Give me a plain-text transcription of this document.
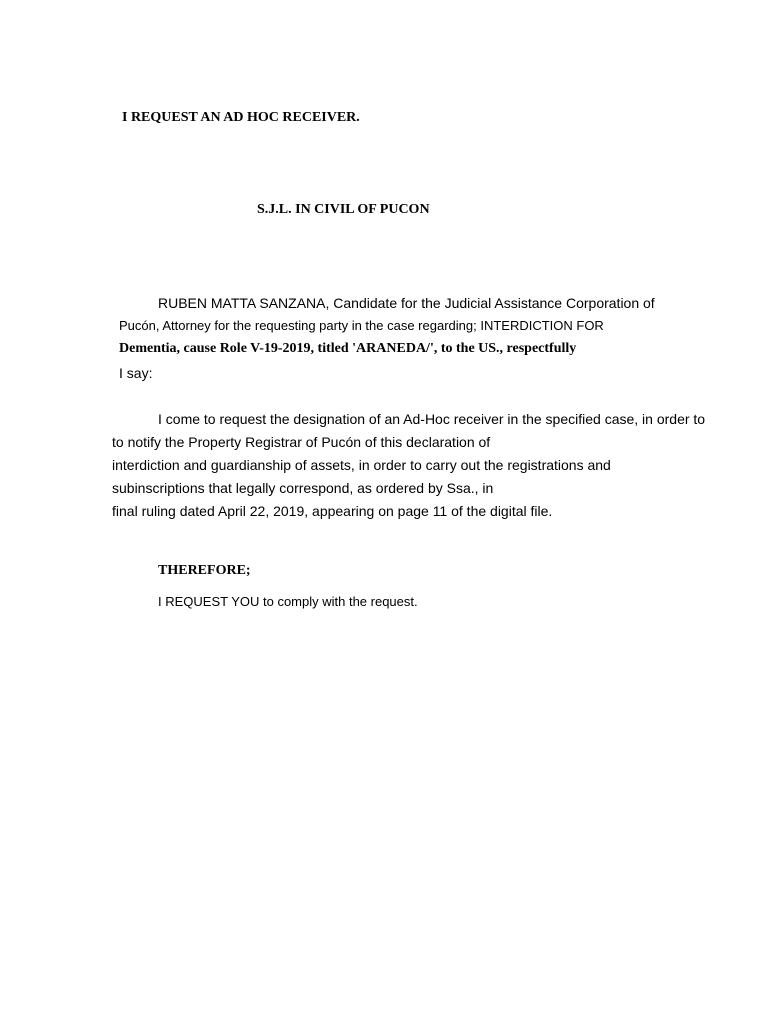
I REQUEST AN AD HOC RECEIVER.

S.J.L. IN CIVIL OF PUCON

RUBEN MATTA SANZANA, Candidate for the Judicial Assistance Corporation of

Pucón, Attorney for the requesting party in the case regarding; INTERDICTION FOR

Dementia, cause Role V-19-2019, titled 'ARANEDA/', to the US., respectfully

I say:

I come to request the designation of an Ad-Hoc receiver in the specified case, in order to

to notify the Property Registrar of Pucón of this declaration of

interdiction and guardianship of assets, in order to carry out the registrations and

subinscriptions that legally correspond, as ordered by Ssa., in

final ruling dated April 22, 2019, appearing on page 11 of the digital file.

THEREFORE;

I REQUEST YOU to comply with the request.
